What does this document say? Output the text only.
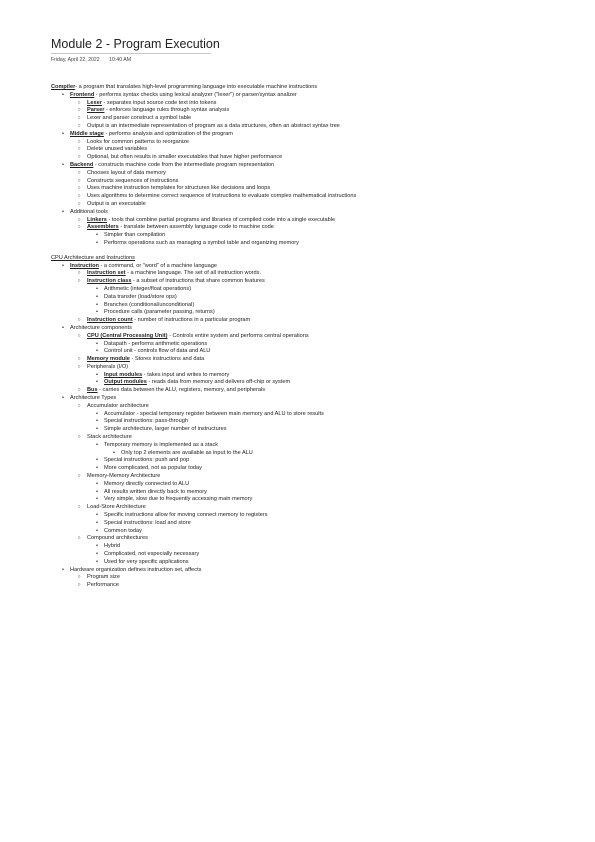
Module 2 - Program Execution
Friday, April 22, 2022 10:40 AM
Compiler- a program that translates high-level programming language into executable machine instructions
•	Frontend - performs syntax checks using lexical analyzer ("lexer") or parser/syntax analizer
○ Lexer - separates input source code text into tokens
○ Parser - enforces language rules through syntax analysis
○ Lexer and parser construct a symbol table
○ Output is an intermediate representation of program as a data structures, often an abstract syntax tree
•	Middle stage - performs analysis and optimization of the program
○ Looks for common patterns to reorganize
○ Delete unused variables
○ Optional, but often results in smaller executables that have higher performance
•	Backend - constructs machine code from the intermediate program representation
○ Chooses layout of data memory
○ Constructs sequences of instructions
○ Uses machine instruction templates for structures like decisions and loops
○ Uses algorithms to determine correct sequence of instructions to evaluate complex mathematical instructions
○ Output is an executable
•	Additional tools
○ Linkers - tools that combine partial programs and libraries of compiled code into a single executable
○ Assemblers - translate between assembly language code to machine code
•	Simpler than compilation
•	Performs operations such as managing a symbol table and organizing memory
CPU Architecture and Instructions
•	Instruction - a command, or "word" of a machine language
○ Instruction set - a machine language. The set of all instruction words.
○ Instruction class - a subset of instructions that share common features
•	Arithmetic (integer/float operations)
•	Data transfer (load/store ops)
•	Branches (conditional/unconditional)
•	Procedure calls (parameter passing, returns)
○ Instruction count - number of instructions in a particular program
•	Architecture components
○ CPU (Central Processing Unit) - Controls entire system and performs central operations
•	Datapath - performs arithmetic operations
•	Control unit - controls flow of data and ALU
○ Memory module - Stores instructions and data
○ Peripherals (I/O)
•	Input modules - takes input and writes to memory
•	Output modules - reads data from memory and delivers off-chip or system
○ Bus - carries data between the ALU, registers, memory, and peripherals
•	Architecture Types
○ Accumulator architecture
•	Accumulator - special temporary register between main memory and ALU to store results
•	Special instructions: pass-through
•	Simple architecture, larger number of instructures
○ Stack architecture
•	Temporary memory is implemented as a stack
•	Only top 2 elements are available as input to the ALU
•	Special instructions: push and pop
•	More complicated, not as popular today
○ Memory-Memory Architecture
•	Memory directly connected to ALU
•	All results written directly back to memory
•	Very simple, slow due to frequently accessing main memory
○ Load-Store Architecture
•	Specific instructions allow for moving connect memory to registers
•	Special instructions: load and store
•	Common today
○ Compound architectures
•	Hybrid
•	Complicated, not especially necessary
•	Used for very specific applications
•	Hardware organization defines instruction set, affects
○ Program size
○ Performance
